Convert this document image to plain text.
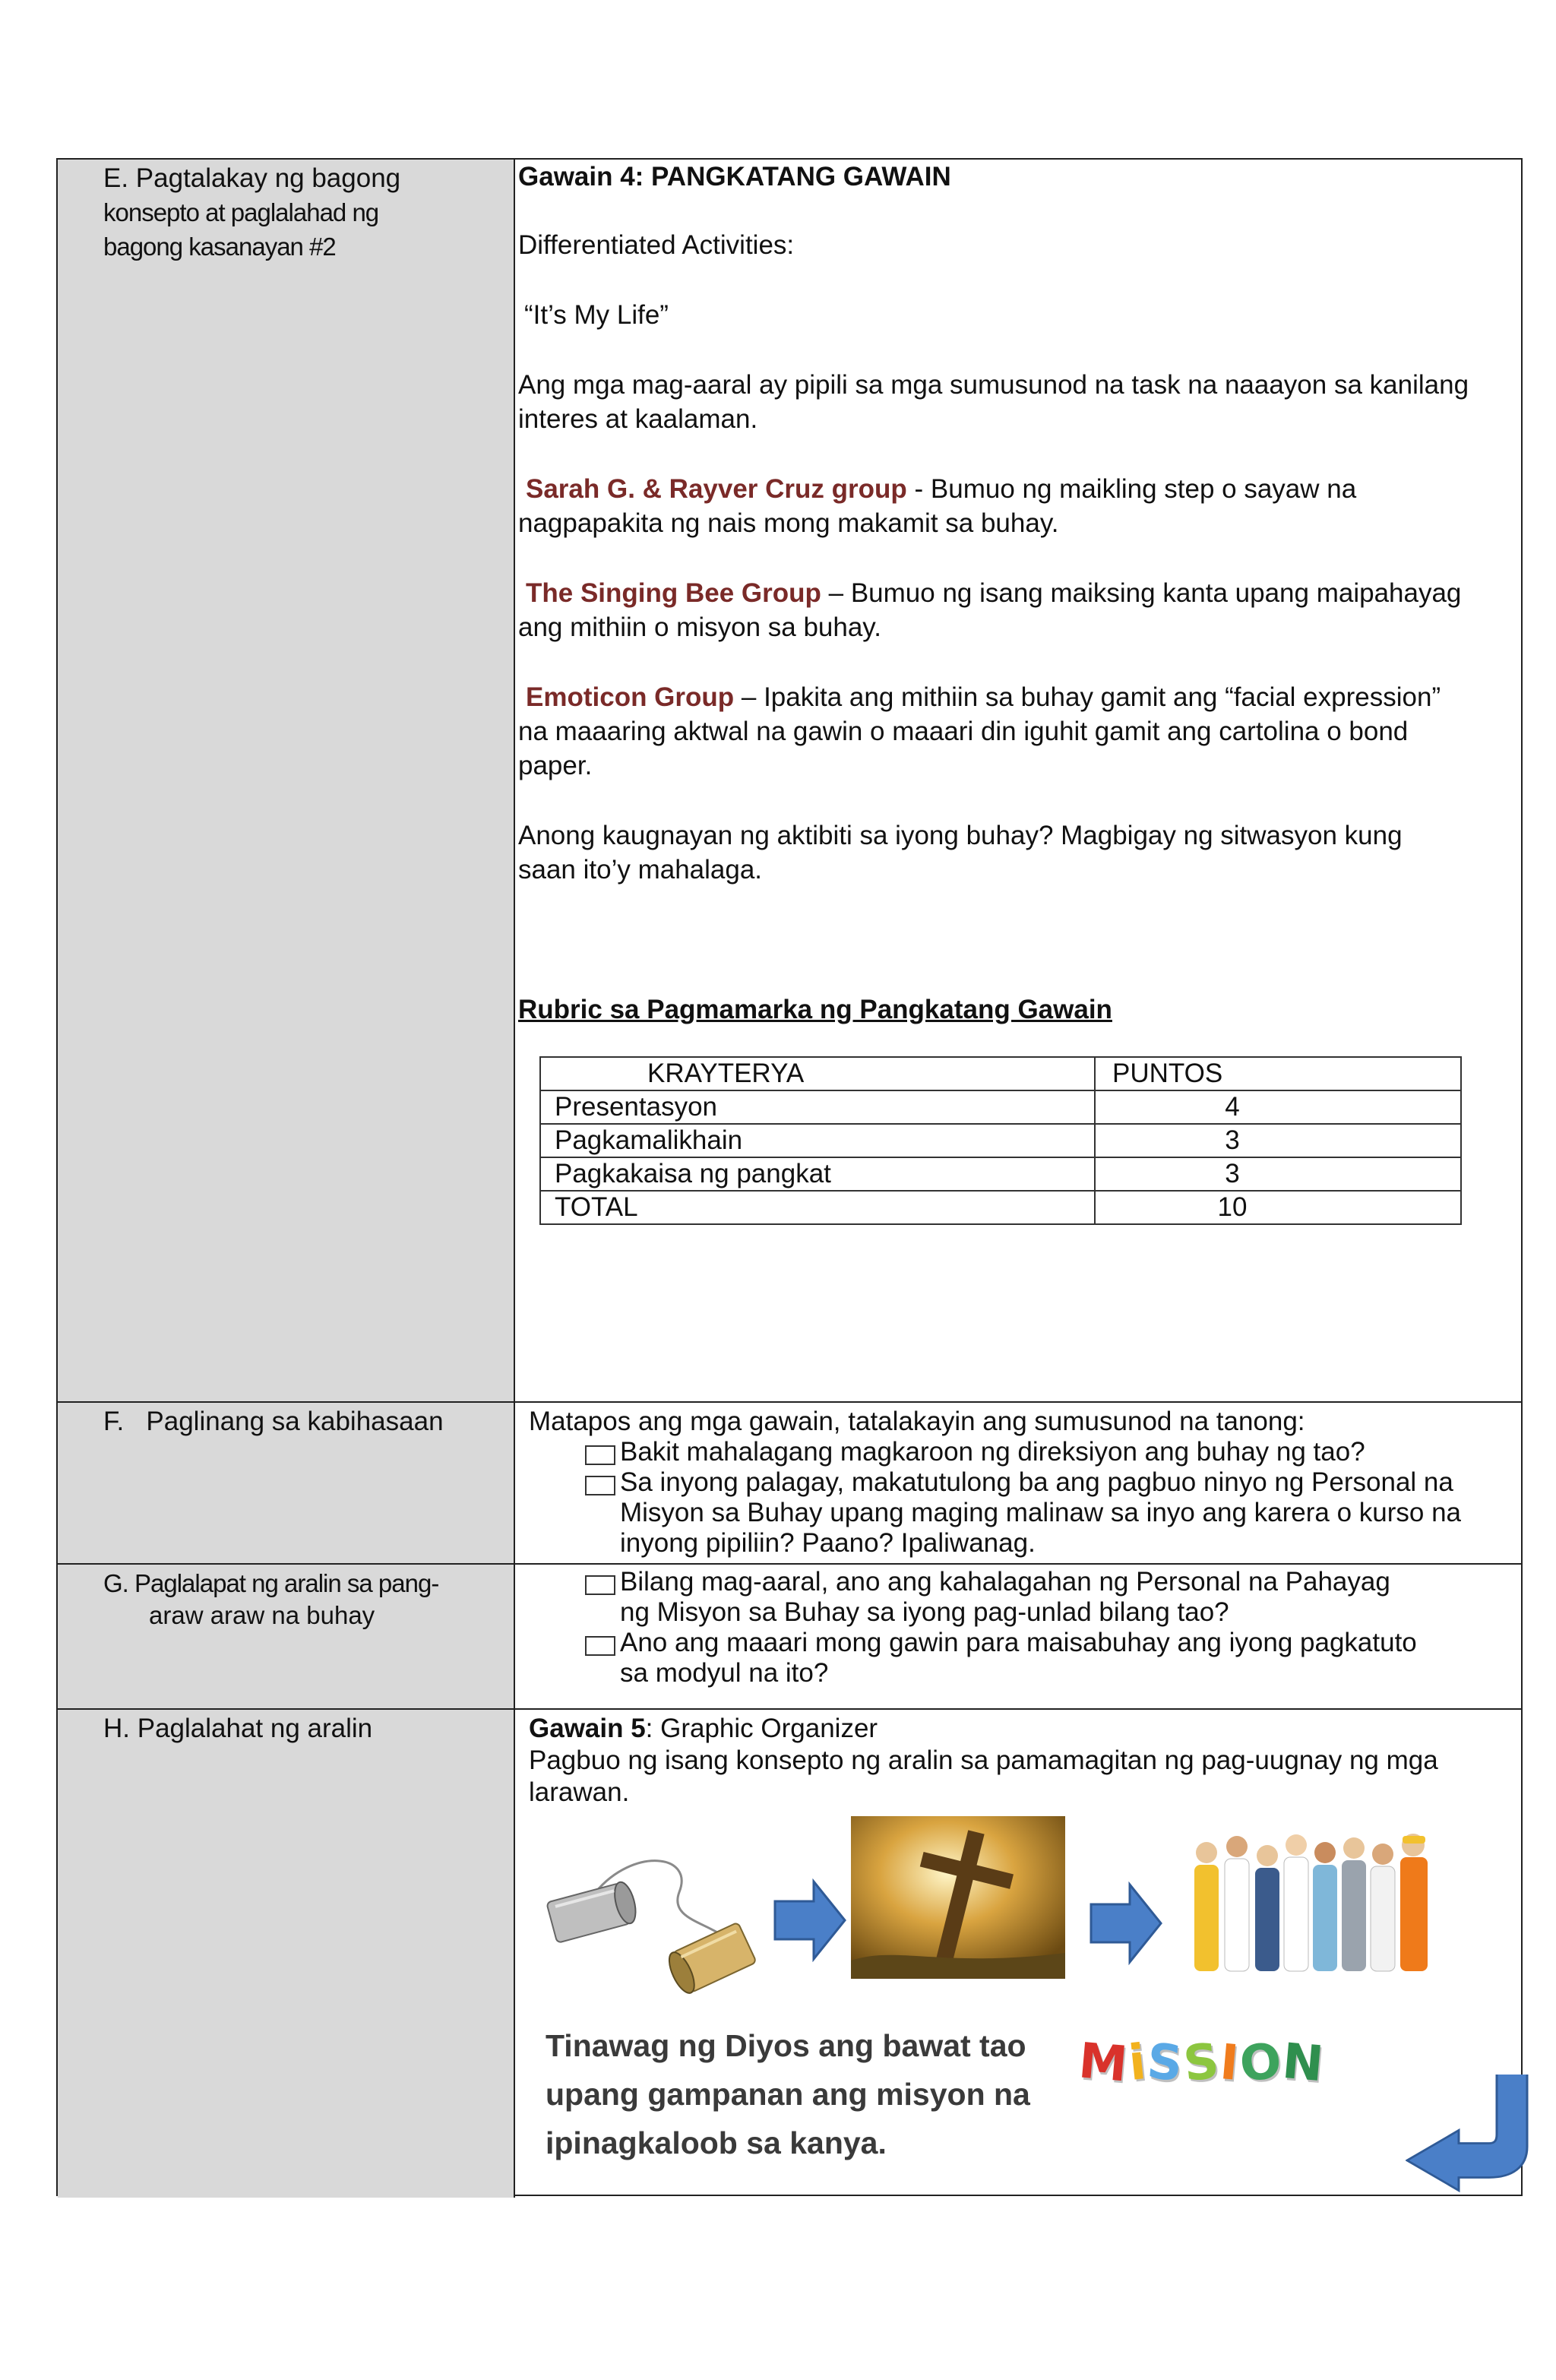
E. Pagtalakay ng bagong
konsepto at paglalahad ng
bagong kasanayan #2
Gawain 4: PANGKATANG GAWAIN
Differentiated Activities:
“It’s My Life”
Ang mga mag-aaral ay pipili sa mga sumusunod na task na naaayon sa kanilang
interes at kaalaman.
Sarah G. & Rayver Cruz group - Bumuo ng maikling step o sayaw na
nagpapakita ng nais mong makamit sa buhay.
The Singing Bee Group – Bumuo ng isang maiksing kanta upang maipahayag
ang mithiin o misyon sa buhay.
Emoticon Group – Ipakita ang mithiin sa buhay gamit ang “facial expression”
na maaaring aktwal na gawin o maaari din iguhit gamit ang cartolina o bond
paper.
Anong kaugnayan ng aktibiti sa iyong buhay? Magbigay ng sitwasyon kung
saan ito’y mahalaga.
Rubric sa Pagmamarka ng Pangkatang Gawain
F.   Paglinang sa kabihasaan	Matapos ang mga gawain, tatalakayin ang sumusunod na tanong:
Bakit mahalagang magkaroon ng direksiyon ang buhay ng tao?
Sa inyong palagay, makatutulong ba ang pagbuo ninyo ng Personal na
Misyon sa Buhay upang maging malinaw sa inyo ang karera o kurso na
inyong pipiliin? Paano? Ipaliwanag.
G. Paglalapat ng aralin sa pang-
araw araw na buhay
Bilang mag-aaral, ano ang kahalagahan ng Personal na Pahayag
ng Misyon sa Buhay sa iyong pag-unlad bilang tao?
Ano ang maaari mong gawin para maisabuhay ang iyong pagkatuto
sa modyul na ito?
H. Paglalahat ng aralin	Gawain 5: Graphic Organizer
Pagbuo ng isang konsepto ng aralin sa pamamagitan ng pag-uugnay ng mga
larawan.
Tinawag ng Diyos ang bawat tao
upang gampanan ang misyon na
ipinagkaloob sa kanya.
M
i
S
S
I
O
N
KRAYTERYA	PUNTOS
Presentasyon	4
Pagkamalikhain	3
Pagkakaisa ng pangkat	3
TOTAL	10
